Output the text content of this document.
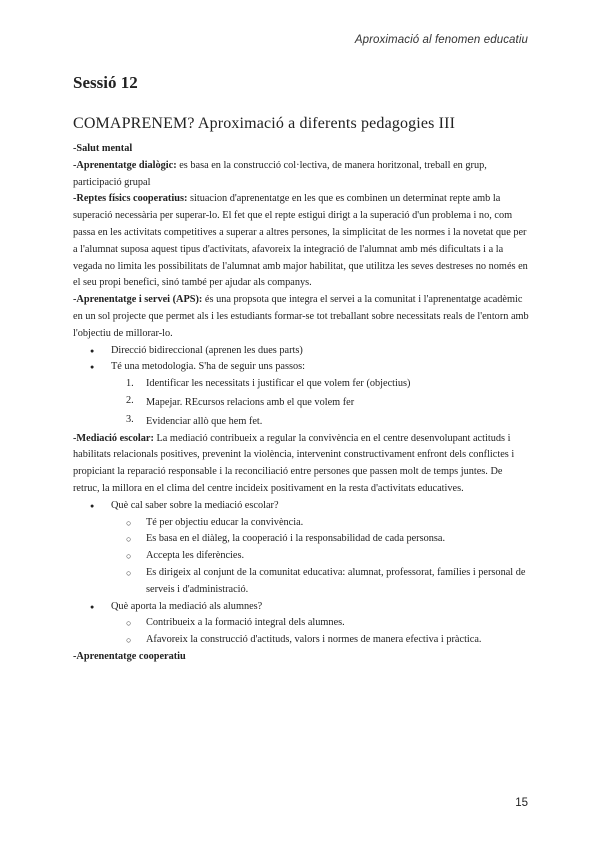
Aproximació al fenomen educatiu
Sessió 12
COMAPRENEM? Aproximació a diferents pedagogies III

-Salut mental

-Aprenentatge dialògic: es basa en la construcció col·lectiva, de manera horitzonal, treball en grup, participació grupal

-Reptes físics cooperatius: situacion d'aprenentatge en les que es combinen un determinat repte amb la superació necessària per superar-lo. El fet que el repte estigui dirigt a la superació d'un problema i no, com passa en les activitats competitives a superar a altres persones, la simplicitat de les normes i la novetat que per a l'alumnat suposa aquest tipus d'activitats, afavoreix la integració de l'alumnat amb més dificultats i a la vegada no limita les possibilitats de l'alumnat amb major habilitat, que utilitza les seves destreses no només en el seu propi benefici, sinó també per ajudar als companys.

-Aprenentatge i servei (APS): és una propsota que integra el servei a la comunitat i l'aprenentatge acadèmic en un sol projecte que permet als i les estudiants formar-se tot treballant sobre necessitats reals de l'entorn amb l'objectiu de millorar-lo.

● Direcció bidireccional (aprenen les dues parts)
● Té una metodologia. S'ha de seguir uns passos:
1. Identificar les necessitats i justificar el que volem fer (objectius)
2. Mapejar. REcursos relacions amb el que volem fer
3. Evidenciar allò que hem fet.

-Mediació escolar: La mediació contribueix a regular la convivència en el centre desenvolupant actituds i habilitats relacionals positives, prevenint la violència, intervenint constructivament enfront dels conflictes i propiciant la reparació responsable i la reconciliació entre persones que passen molt de temps juntes. De retruc, la millora en el clima del centre incideix positivament en la resta d'activitats educatives.

● Què cal saber sobre la mediació escolar?
○ Té per objectiu educar la convivència.
○ Es basa en el diàleg, la cooperació i la responsabilidad de cada personsa.
○ Accepta les diferències.
○ Es dirigeix al conjunt de la comunitat educativa: alumnat, professorat, famílies i personal de serveis i d'administració.
● Què aporta la mediació als alumnes?
○ Contribueix a la formació integral dels alumnes.
○ Afavoreix la construcció d'actituds, valors i normes de manera efectiva i pràctica.

-Aprenentatge cooperatiu

15
